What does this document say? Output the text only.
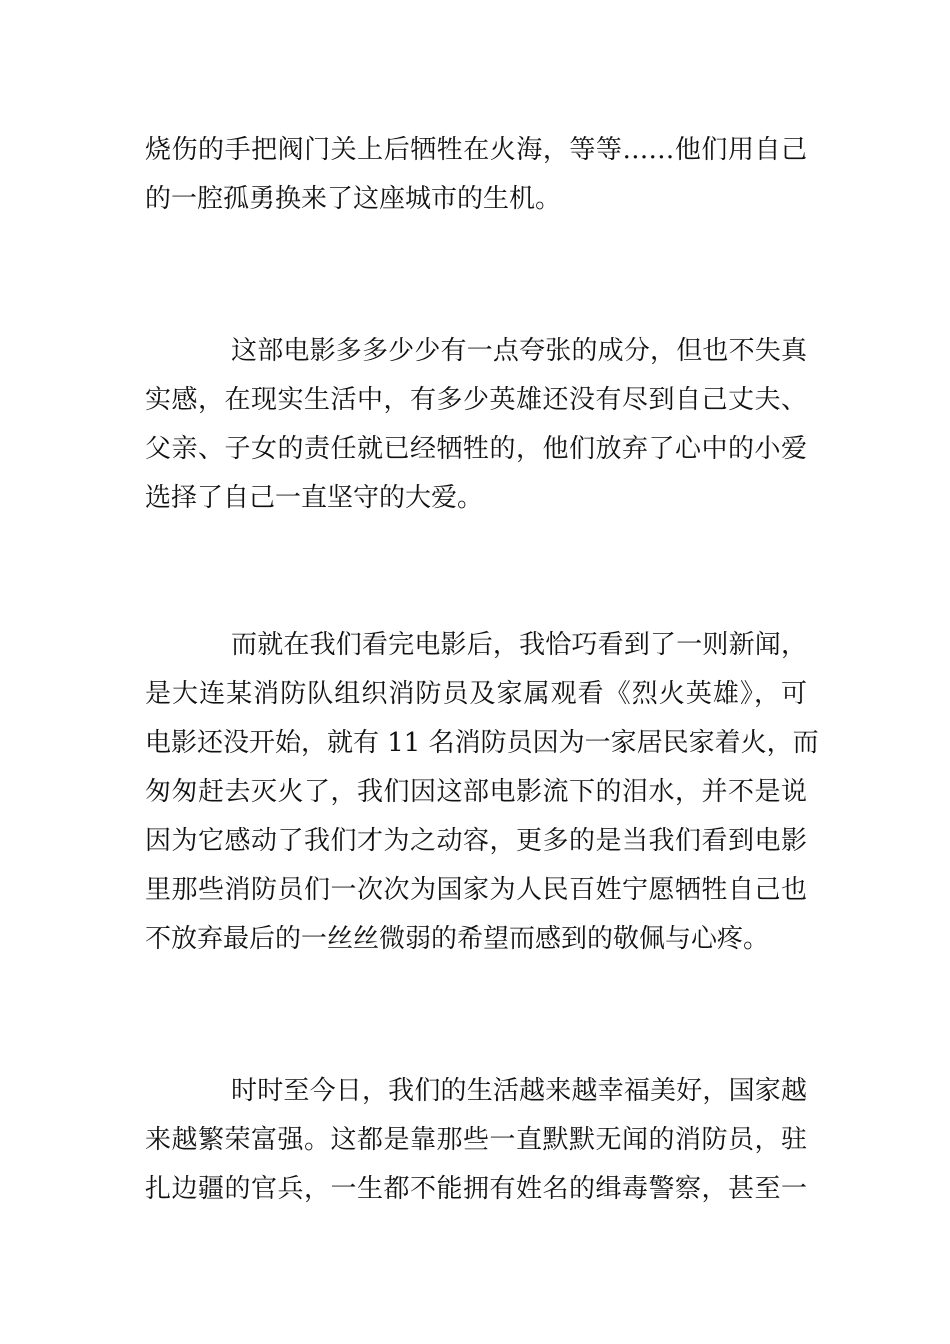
烧伤的手把阀门关上后牺牲在火海，等等……他们用自己
的一腔孤勇换来了这座城市的生机。

这部电影多多少少有一点夸张的成分，但也不失真
实感，在现实生活中，有多少英雄还没有尽到自己丈夫、
父亲、子女的责任就已经牺牲的，他们放弃了心中的小爱
选择了自己一直坚守的大爱。

而就在我们看完电影后，我恰巧看到了一则新闻，
是大连某消防队组织消防员及家属观看《烈火英雄》，可
电影还没开始，就有 11 名消防员因为一家居民家着火，而
匆匆赶去灭火了，我们因这部电影流下的泪水，并不是说
因为它感动了我们才为之动容，更多的是当我们看到电影
里那些消防员们一次次为国家为人民百姓宁愿牺牲自己也
不放弃最后的一丝丝微弱的希望而感到的敬佩与心疼。

时时至今日，我们的生活越来越幸福美好，国家越
来越繁荣富强。这都是靠那些一直默默无闻的消防员，驻
扎边疆的官兵，一生都不能拥有姓名的缉毒警察，甚至一
